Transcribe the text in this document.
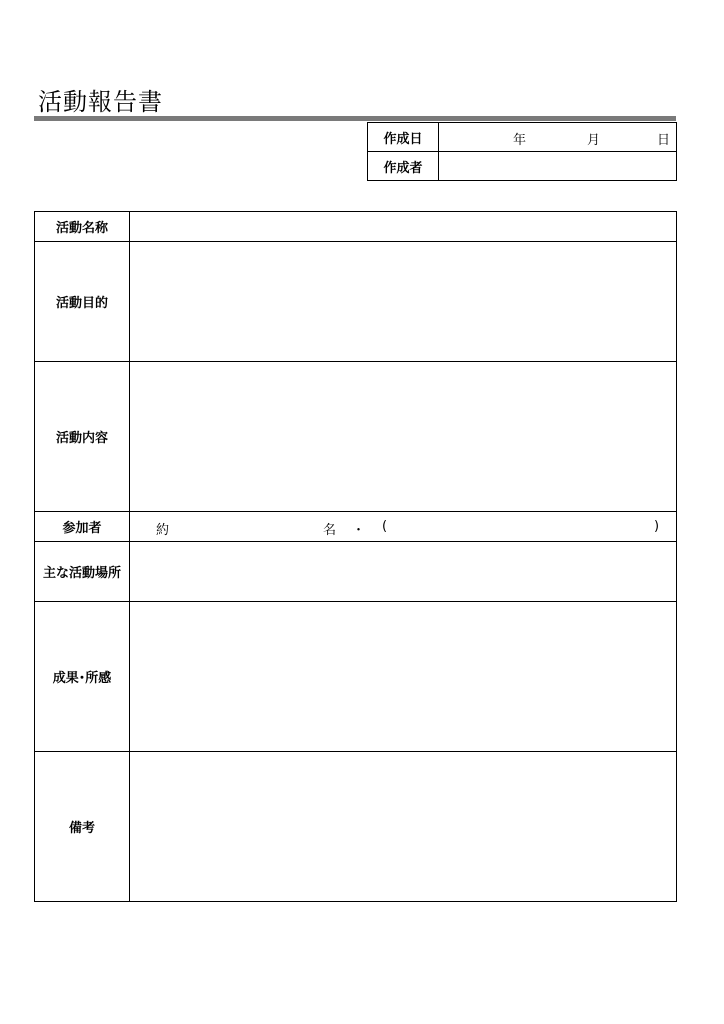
活動報告書
作成日	年 月 日

作成者	
活動名称	
活動目的	
活動内容	
参加者	約 名 ・ ( )

主な活動場所	
成果･所感	
備考	
